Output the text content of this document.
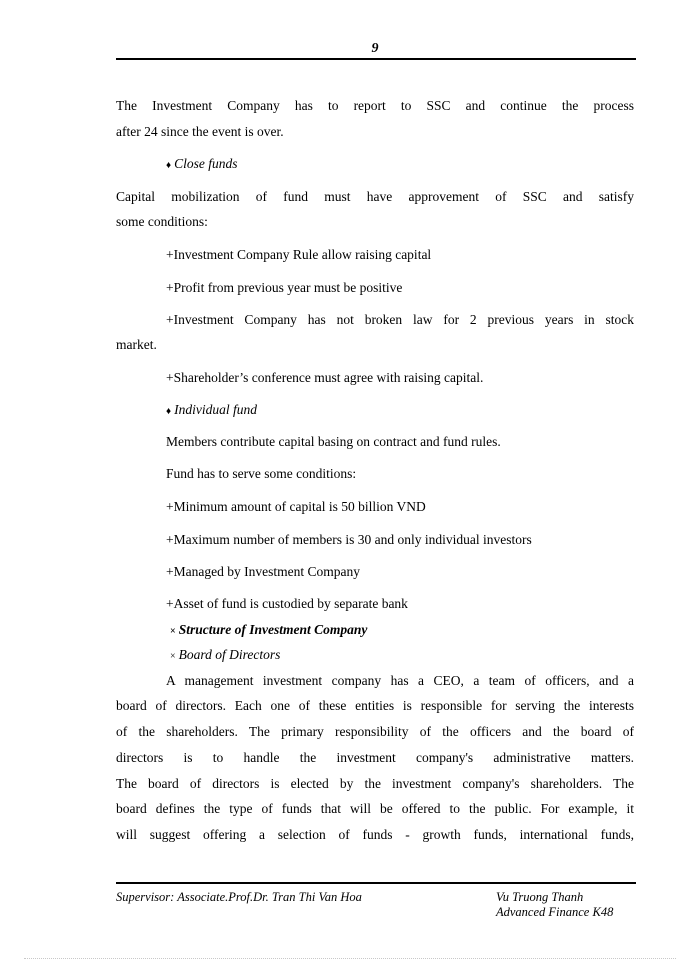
9
The Investment Company has to report to SSC and continue the process
after 24 since the event is over.
♦ Close funds
Capital mobilization of fund must have approvement of SSC and satisfy
some conditions:
+Investment Company Rule allow raising capital
+Profit from previous year must be positive
+Investment Company has not broken law for 2 previous years in stock
market.
+Shareholder’s conference must agree with raising capital.
♦ Individual fund
Members contribute capital basing on contract and fund rules.
Fund has to serve some conditions:
+Minimum amount of capital is 50 billion VND
+Maximum number of members is 30 and only individual investors
+Managed by Investment Company
+Asset of fund is custodied by separate bank
× Structure of Investment Company
× Board of Directors
A management investment company has a CEO, a team of officers, and a
board of directors. Each one of these entities is responsible for serving the interests
of the shareholders. The primary responsibility of the officers and the board of
directors is to handle the investment company's administrative matters.
The board of directors is elected by the investment company's shareholders. The
board defines the type of funds that will be offered to the public. For example, it
will suggest offering a selection of funds - growth funds, international funds,
Supervisor: Associate.Prof.Dr. Tran Thi Van Hoa	Vu Truong Thanh
Advanced Finance K48
